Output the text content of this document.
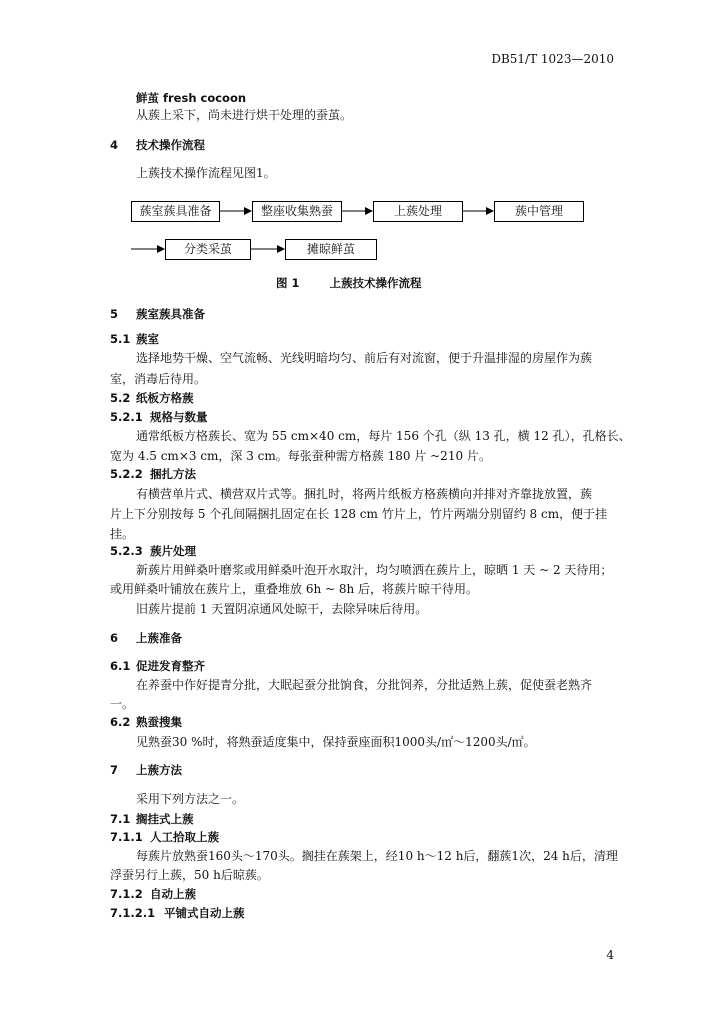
DB51/T 1023—2010
鲜茧 fresh cocoon
从蔟上采下，尚未进行烘干处理的蚕茧。
4 技术操作流程
上蔟技术操作流程见图1。
蔟室蔟具准备	整座收集熟蚕	上蔟处理	蔟中管理
分类采茧	摊晾鲜茧
图 1	上蔟技术操作流程
5 蔟室蔟具准备
5.1 蔟室
选择地势干燥、空气流畅、光线明暗均匀、前后有对流窗，便于升温排湿的房屋作为蔟
室，消毒后待用。
5.2 纸板方格蔟
5.2.1 规格与数量
通常纸板方格蔟长、宽为 55 cm×40 cm，每片 156 个孔（纵 13 孔，横 12 孔），孔格长、
宽为 4.5 cm×3 cm，深 3 cm。每张蚕种需方格蔟 180 片 ~210 片。
5.2.2 捆扎方法
有横营单片式、横营双片式等。捆扎时，将两片纸板方格蔟横向并排对齐靠拢放置，蔟
片上下分别按每 5 个孔间隔捆扎固定在长 128 cm 竹片上，竹片两端分别留约 8 cm，便于挂
挂。
5.2.3 蔟片处理
新蔟片用鲜桑叶磨浆或用鲜桑叶泡开水取汁，均匀喷洒在蔟片上，晾晒 1 天 ~ 2 天待用；
或用鲜桑叶铺放在蔟片上，重叠堆放 6h ~ 8h 后，将蔟片晾干待用。
旧蔟片提前 1 天置阴凉通风处晾干，去除异味后待用。
6 上蔟准备
6.1 促进发育整齐
在养蚕中作好提青分批，大眠起蚕分批饷食，分批饲养，分批适熟上蔟，促使蚕老熟齐
一。
6.2 熟蚕搜集
见熟蚕30 %时，将熟蚕适度集中，保持蚕座面积1000头/㎡～1200头/㎡。
7 上蔟方法
采用下列方法之一。
7.1 搁挂式上蔟
7.1.1 人工拾取上蔟
每蔟片放熟蚕160头～170头。搁挂在蔟架上，经10 h～12 h后，翻蔟1次，24 h后，清理
浮蚕另行上蔟，50 h后晾蔟。
7.1.2 自动上蔟
7.1.2.1 平铺式自动上蔟
4
